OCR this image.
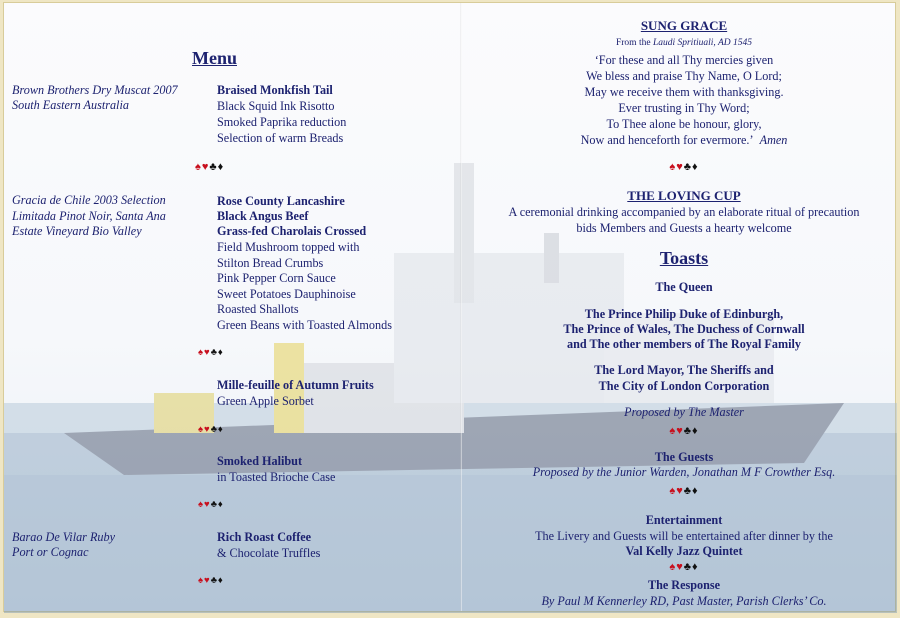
Menu

Brown Brothers Dry Muscat 2007

South Eastern Australia

Braised Monkfish Tail

Black Squid Ink Risotto

Smoked Paprika reduction

Selection of warm Breads

♠♥♣♦

Gracia de Chile 2003 Selection

Limitada Pinot Noir, Santa Ana

Estate Vineyard Bio Valley

Rose County Lancashire

Black Angus Beef

Grass-fed Charolais Crossed

Field Mushroom topped with

Stilton Bread Crumbs

Pink Pepper Corn Sauce

Sweet Potatoes Dauphinoise

Roasted Shallots

Green Beans with Toasted Almonds

♠♥♣♦

Mille-feuille of Autumn Fruits

Green Apple Sorbet

♠♥♣♦

Smoked Halibut

in Toasted Brioche Case

♠♥♣♦

Barao De Vilar Ruby

Port or Cognac

Rich Roast Coffee

& Chocolate Truffles

♠♥♣♦

SUNG GRACE

From the Laudi Spritiuali, AD 1545

‘For these and all Thy mercies given

We bless and praise Thy Name, O Lord;

May we receive them with thanksgiving.

Ever trusting in Thy Word;

To Thee alone be honour, glory,

Now and henceforth for evermore.’ Amen

♠♥♣♦

THE LOVING CUP

A ceremonial drinking accompanied by an elaborate ritual of precaution

bids Members and Guests a hearty welcome

Toasts

The Queen

The Prince Philip Duke of Edinburgh,

The Prince of Wales, The Duchess of Cornwall

and The other members of The Royal Family

The Lord Mayor, The Sheriffs and

The City of London Corporation

Proposed by The Master

♠♥♣♦

The Guests

Proposed by the Junior Warden, Jonathan M F Crowther Esq.

♠♥♣♦

Entertainment

The Livery and Guests will be entertained after dinner by the

Val Kelly Jazz Quintet

♠♥♣♦

The Response

By Paul M Kennerley RD, Past Master, Parish Clerks’ Co.
